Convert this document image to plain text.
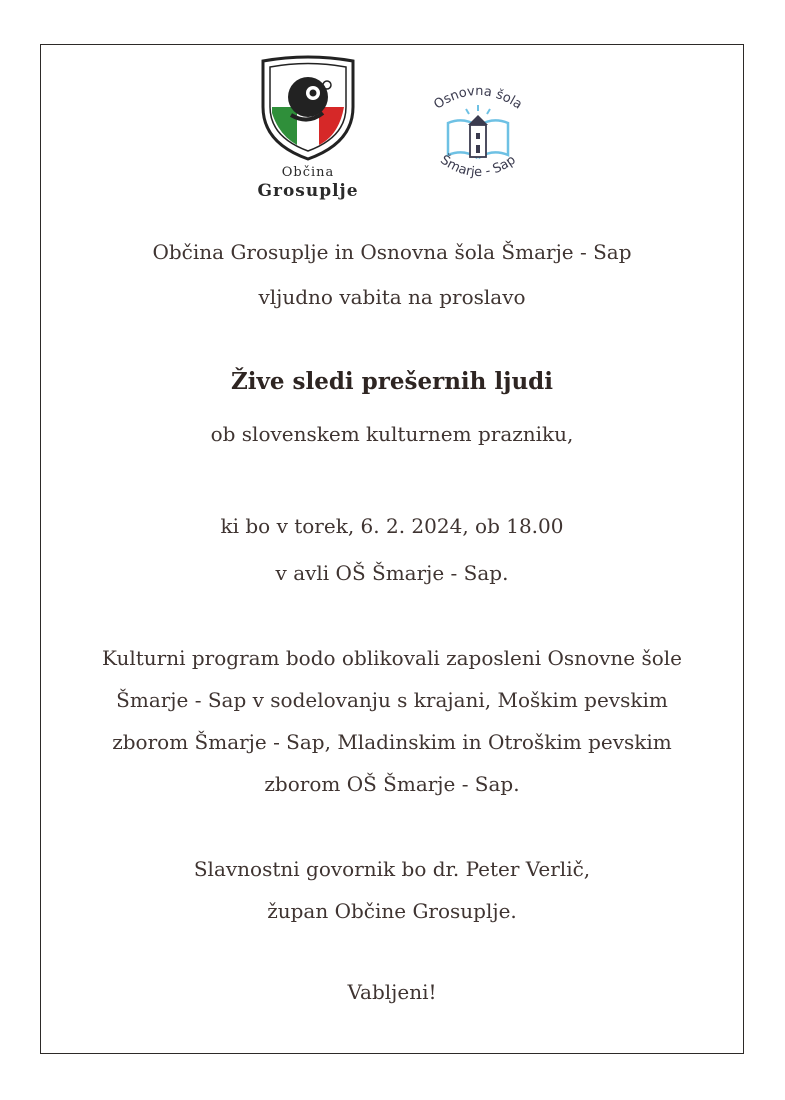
Občina
Grosuplje
Osnovna šola
Šmarje - Sap
Občina Grosuplje in Osnovna šola Šmarje - Sap
vljudno vabita na proslavo
Žive sledi prešernih ljudi
ob slovenskem kulturnem prazniku,
ki bo v torek, 6. 2. 2024, ob 18.00
v avli OŠ Šmarje - Sap.
Kulturni program bodo oblikovali zaposleni Osnovne šole
Šmarje - Sap v sodelovanju s krajani, Moškim pevskim
zborom Šmarje - Sap, Mladinskim in Otroškim pevskim
zborom OŠ Šmarje - Sap.
Slavnostni govornik bo dr. Peter Verlič,
župan Občine Grosuplje.
Vabljeni!
